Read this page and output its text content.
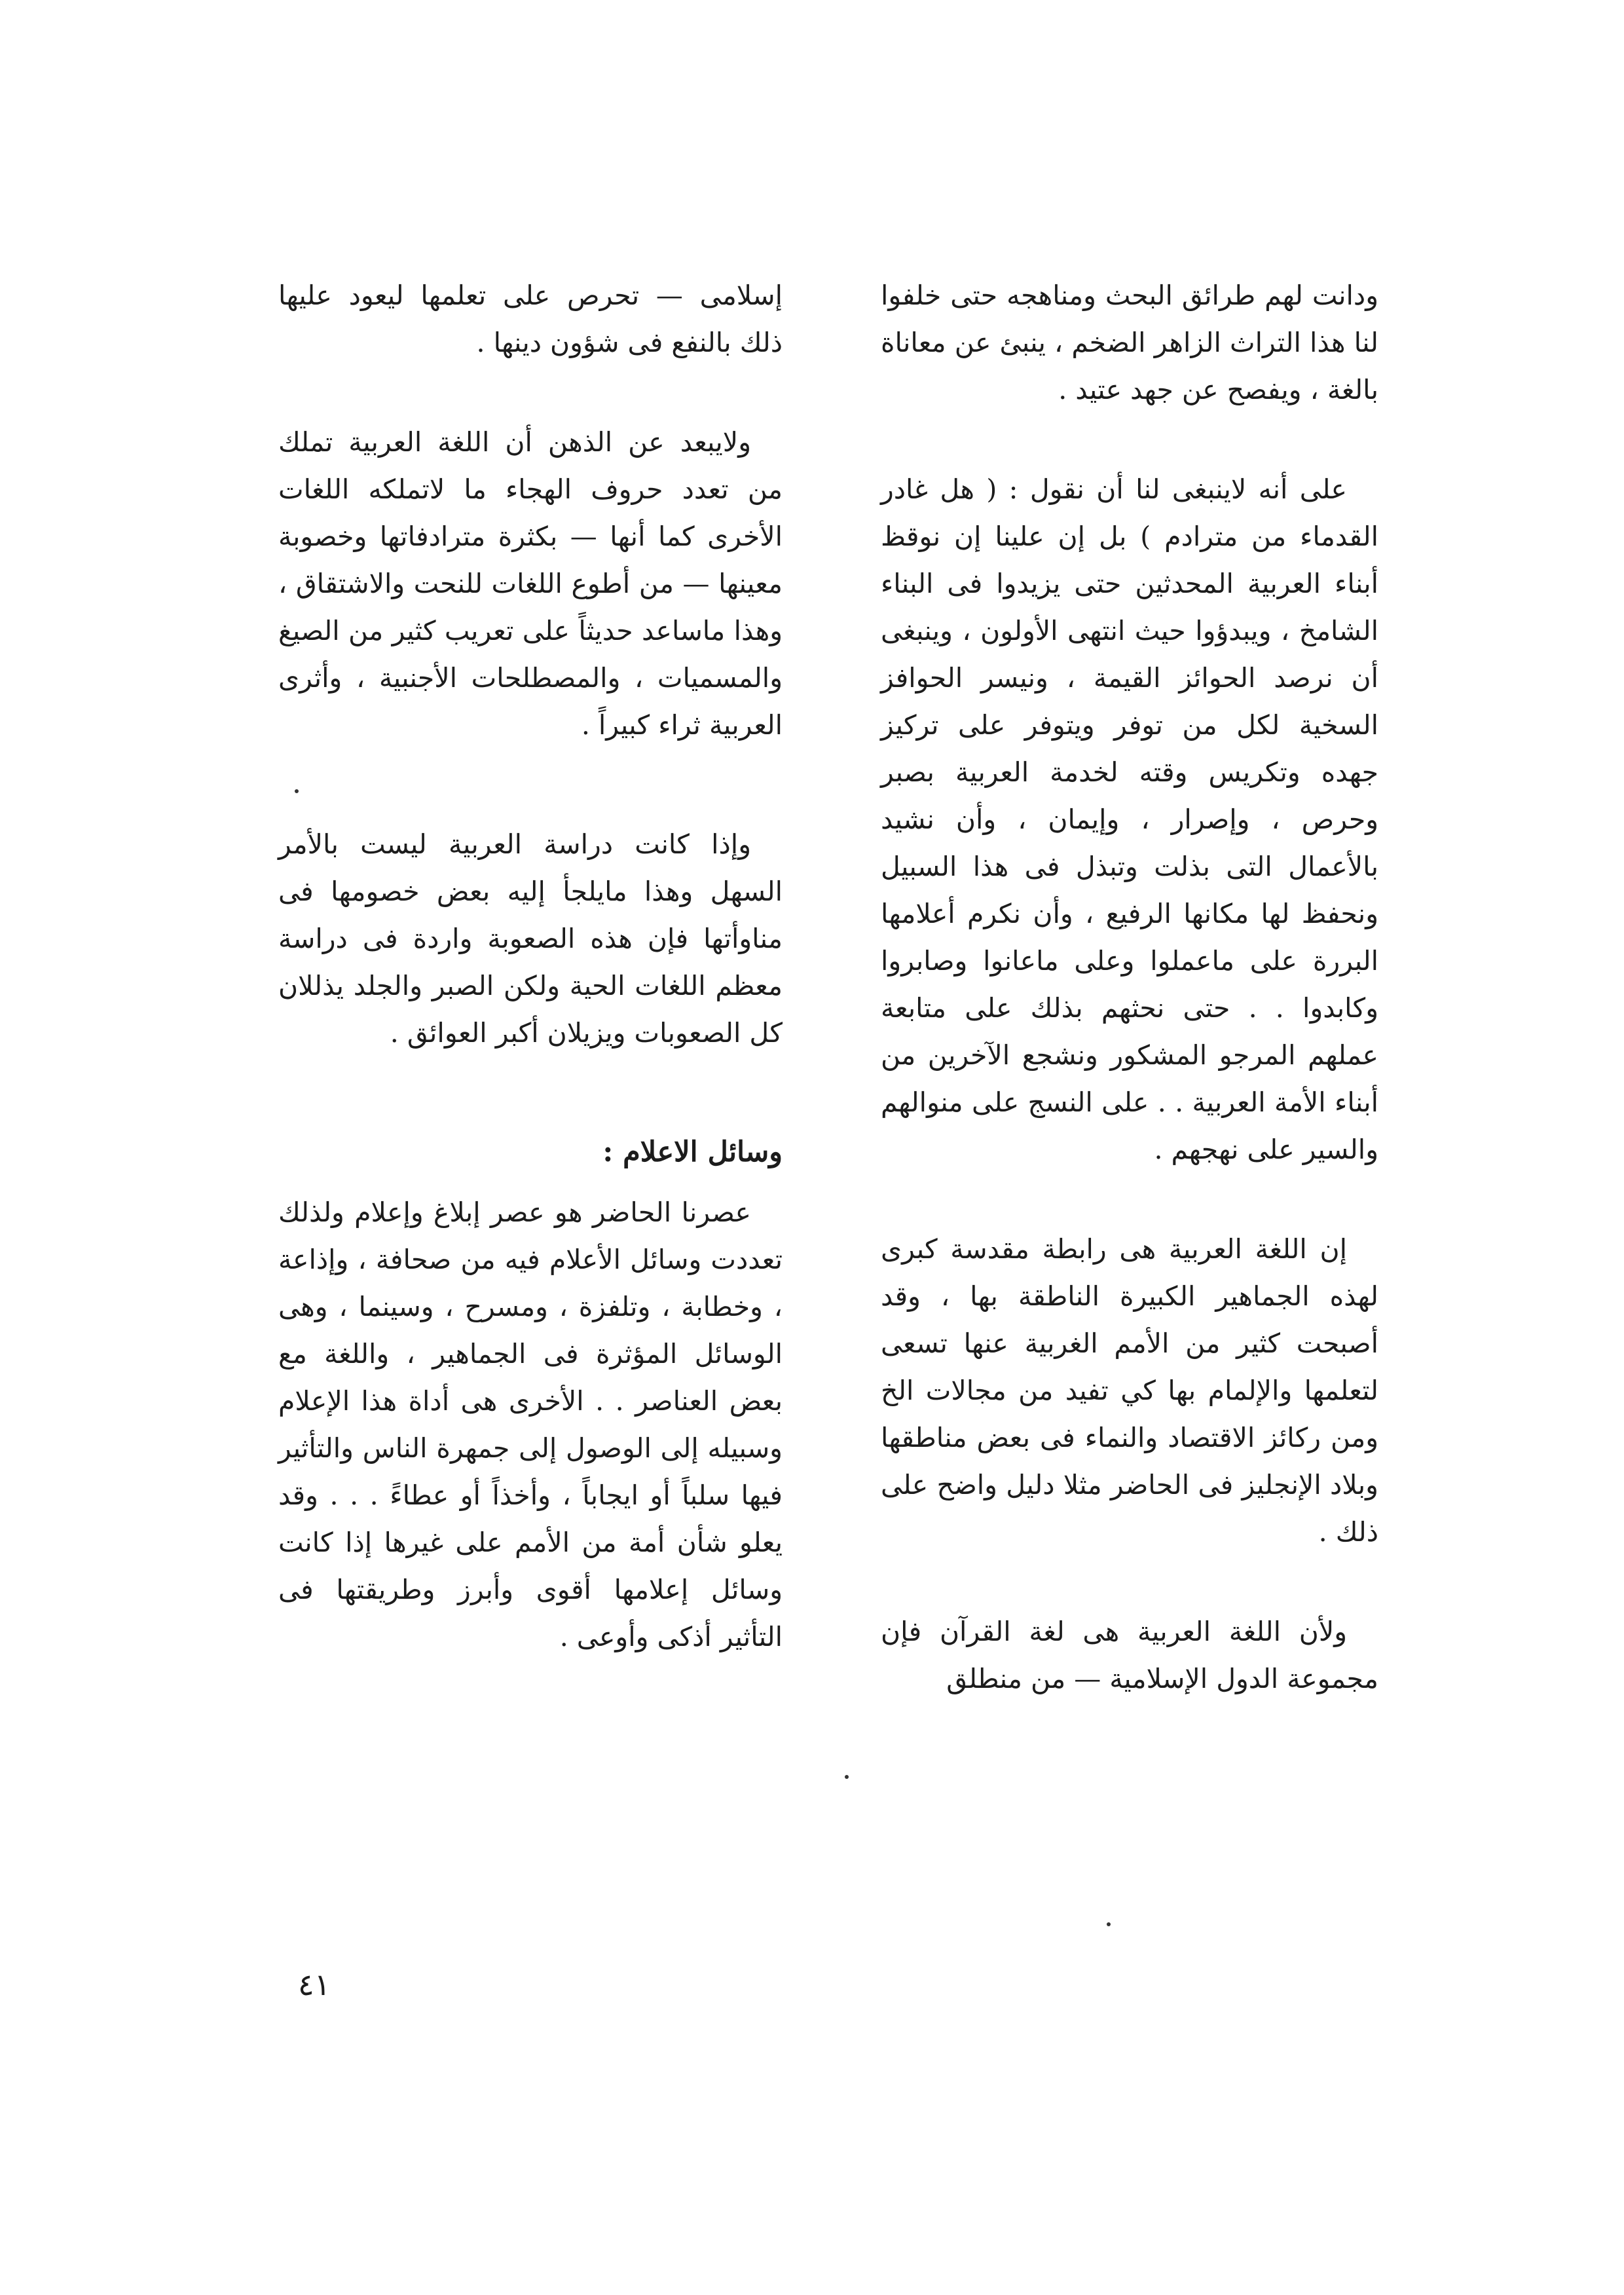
ودانت لهم طرائق البحث ومناهجه حتى خلفوا لنا هذا التراث الزاهر الضخم ، ينبئ عن معاناة بالغة ، ويفصح عن جهد عتيد .

على أنه لاينبغى لنا أن نقول : ( هل غادر القدماء من مترادم ) بل إن علينا إن نوقظ أبناء العربية المحدثين حتى يزيدوا فى البناء الشامخ ، ويبدؤوا حيث انتهى الأولون ، وينبغى أن نرصد الحوائز القيمة ، ونيسر الحوافز السخية لكل من توفر ويتوفر على تركيز جهده وتكريس وقته لخدمة العربية بصبر وحرص ، وإصرار ، وإيمان ، وأن نشيد بالأعمال التى بذلت وتبذل فى هذا السبيل ونحفظ لها مكانها الرفيع ، وأن نكرم أعلامها البررة على ماعملوا وعلى ماعانوا وصابروا وكابدوا . . حتى نحثهم بذلك على متابعة عملهم المرجو المشكور ونشجع الآخرين من أبناء الأمة العربية . . على النسج على منوالهم والسير على نهجهم .

إن اللغة العربية هى رابطة مقدسة كبرى لهذه الجماهير الكبيرة الناطقة بها ، وقد أصبحت كثير من الأمم الغربية عنها تسعى لتعلمها والإلمام بها كي تفيد من مجالات الخ ومن ركائز الاقتصاد والنماء فى بعض مناطقها وبلاد الإنجليز فى الحاضر مثلا دليل واضح على ذلك .

ولأن اللغة العربية هى لغة القرآن فإن مجموعة الدول الإسلامية — من منطلق

إسلامى — تحرص على تعلمها ليعود عليها ذلك بالنفع فى شؤون دينها .

ولايبعد عن الذهن أن اللغة العربية تملك من تعدد حروف الهجاء ما لاتملكه اللغات الأخرى كما أنها — بكثرة مترادفاتها وخصوبة معينها — من أطوع اللغات للنحت والاشتقاق ، وهذا ماساعد حديثاً على تعريب كثير من الصيغ والمسميات ، والمصطلحات الأجنبية ، وأثرى العربية ثراء كبيراً .

وإذا كانت دراسة العربية ليست بالأمر السهل وهذا مايلجأ إليه بعض خصومها فى مناوأتها فإن هذه الصعوبة واردة فى دراسة معظم اللغات الحية ولكن الصبر والجلد يذللان كل الصعوبات ويزيلان أكبر العوائق .

وسائل الاعلام :

عصرنا الحاضر هو عصر إبلاغ وإعلام ولذلك تعددت وسائل الأعلام فيه من صحافة ، وإذاعة ، وخطابة ، وتلفزة ، ومسرح ، وسينما ، وهى الوسائل المؤثرة فى الجماهير ، واللغة مع بعض العناصر . . الأخرى هى أداة هذا الإعلام وسبيله إلى الوصول إلى جمهرة الناس والتأثير فيها سلباً أو ايجاباً ، وأخذاً أو عطاءً . . . وقد يعلو شأن أمة من الأمم على غيرها إذا كانت وسائل إعلامها أقوى وأبرز وطريقتها فى التأثير أذكى وأوعى .

٤١
